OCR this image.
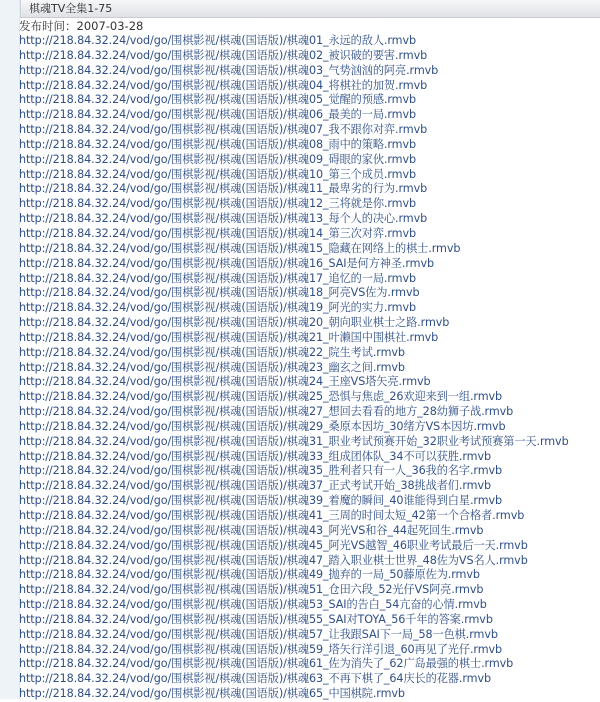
棋魂TV全集1-75
发布时间：2007-03-28
http://218.84.32.24/vod/go/围棋影视/棋魂(国语版)/棋魂01_永远的敌人.rmvb
http://218.84.32.24/vod/go/围棋影视/棋魂(国语版)/棋魂02_被识破的要害.rmvb
http://218.84.32.24/vod/go/围棋影视/棋魂(国语版)/棋魂03_气势汹汹的阿亮.rmvb
http://218.84.32.24/vod/go/围棋影视/棋魂(国语版)/棋魂04_将棋社的加贺.rmvb
http://218.84.32.24/vod/go/围棋影视/棋魂(国语版)/棋魂05_觉醒的预感.rmvb
http://218.84.32.24/vod/go/围棋影视/棋魂(国语版)/棋魂06_最美的一局.rmvb
http://218.84.32.24/vod/go/围棋影视/棋魂(国语版)/棋魂07_我不跟你对弈.rmvb
http://218.84.32.24/vod/go/围棋影视/棋魂(国语版)/棋魂08_雨中的策略.rmvb
http://218.84.32.24/vod/go/围棋影视/棋魂(国语版)/棋魂09_碍眼的家伙.rmvb
http://218.84.32.24/vod/go/围棋影视/棋魂(国语版)/棋魂10_第三个成员.rmvb
http://218.84.32.24/vod/go/围棋影视/棋魂(国语版)/棋魂11_最卑劣的行为.rmvb
http://218.84.32.24/vod/go/围棋影视/棋魂(国语版)/棋魂12_三将就是你.rmvb
http://218.84.32.24/vod/go/围棋影视/棋魂(国语版)/棋魂13_每个人的决心.rmvb
http://218.84.32.24/vod/go/围棋影视/棋魂(国语版)/棋魂14_第三次对弈.rmvb
http://218.84.32.24/vod/go/围棋影视/棋魂(国语版)/棋魂15_隐藏在网络上的棋士.rmvb
http://218.84.32.24/vod/go/围棋影视/棋魂(国语版)/棋魂16_SAI是何方神圣.rmvb
http://218.84.32.24/vod/go/围棋影视/棋魂(国语版)/棋魂17_追忆的一局.rmvb
http://218.84.32.24/vod/go/围棋影视/棋魂(国语版)/棋魂18_阿亮VS佐为.rmvb
http://218.84.32.24/vod/go/围棋影视/棋魂(国语版)/棋魂19_阿光的实力.rmvb
http://218.84.32.24/vod/go/围棋影视/棋魂(国语版)/棋魂20_朝向职业棋士之路.rmvb
http://218.84.32.24/vod/go/围棋影视/棋魂(国语版)/棋魂21_叶濑国中围棋社.rmvb
http://218.84.32.24/vod/go/围棋影视/棋魂(国语版)/棋魂22_院生考试.rmvb
http://218.84.32.24/vod/go/围棋影视/棋魂(国语版)/棋魂23_幽玄之间.rmvb
http://218.84.32.24/vod/go/围棋影视/棋魂(国语版)/棋魂24_王座VS塔矢亮.rmvb
http://218.84.32.24/vod/go/围棋影视/棋魂(国语版)/棋魂25_恐惧与焦虑_26欢迎来到一组.rmvb
http://218.84.32.24/vod/go/围棋影视/棋魂(国语版)/棋魂27_想回去看看的地方_28幼狮子战.rmvb
http://218.84.32.24/vod/go/围棋影视/棋魂(国语版)/棋魂29_桑原本因坊_30绪方VS本因坊.rmvb
http://218.84.32.24/vod/go/围棋影视/棋魂(国语版)/棋魂31_职业考试预赛开始_32职业考试预赛第一天.rmvb
http://218.84.32.24/vod/go/围棋影视/棋魂(国语版)/棋魂33_组成团体队_34不可以获胜.rmvb
http://218.84.32.24/vod/go/围棋影视/棋魂(国语版)/棋魂35_胜利者只有一人_36我的名字.rmvb
http://218.84.32.24/vod/go/围棋影视/棋魂(国语版)/棋魂37_正式考试开始_38挑战者们.rmvb
http://218.84.32.24/vod/go/围棋影视/棋魂(国语版)/棋魂39_着魔的瞬间_40谁能得到白星.rmvb
http://218.84.32.24/vod/go/围棋影视/棋魂(国语版)/棋魂41_三周的时间太短_42第一个合格者.rmvb
http://218.84.32.24/vod/go/围棋影视/棋魂(国语版)/棋魂43_阿光VS和谷_44起死回生.rmvb
http://218.84.32.24/vod/go/围棋影视/棋魂(国语版)/棋魂45_阿光VS越智_46职业考试最后一天.rmvb
http://218.84.32.24/vod/go/围棋影视/棋魂(国语版)/棋魂47_踏入职业棋士世界_48佐为VS名人.rmvb
http://218.84.32.24/vod/go/围棋影视/棋魂(国语版)/棋魂49_抛弃的一局_50藤原佐为.rmvb
http://218.84.32.24/vod/go/围棋影视/棋魂(国语版)/棋魂51_仓田六段_52光仔VS阿亮.rmvb
http://218.84.32.24/vod/go/围棋影视/棋魂(国语版)/棋魂53_SAI的告白_54亢奋的心情.rmvb
http://218.84.32.24/vod/go/围棋影视/棋魂(国语版)/棋魂55_SAI对TOYA_56千年的答案.rmvb
http://218.84.32.24/vod/go/围棋影视/棋魂(国语版)/棋魂57_让我跟SAI下一局_58一色棋.rmvb
http://218.84.32.24/vod/go/围棋影视/棋魂(国语版)/棋魂59_塔矢行洋引退_60再见了光仔.rmvb
http://218.84.32.24/vod/go/围棋影视/棋魂(国语版)/棋魂61_佐为消失了_62广岛最强的棋士.rmvb
http://218.84.32.24/vod/go/围棋影视/棋魂(国语版)/棋魂63_不再下棋了_64庆长的花器.rmvb
http://218.84.32.24/vod/go/围棋影视/棋魂(国语版)/棋魂65_中国棋院.rmvb
